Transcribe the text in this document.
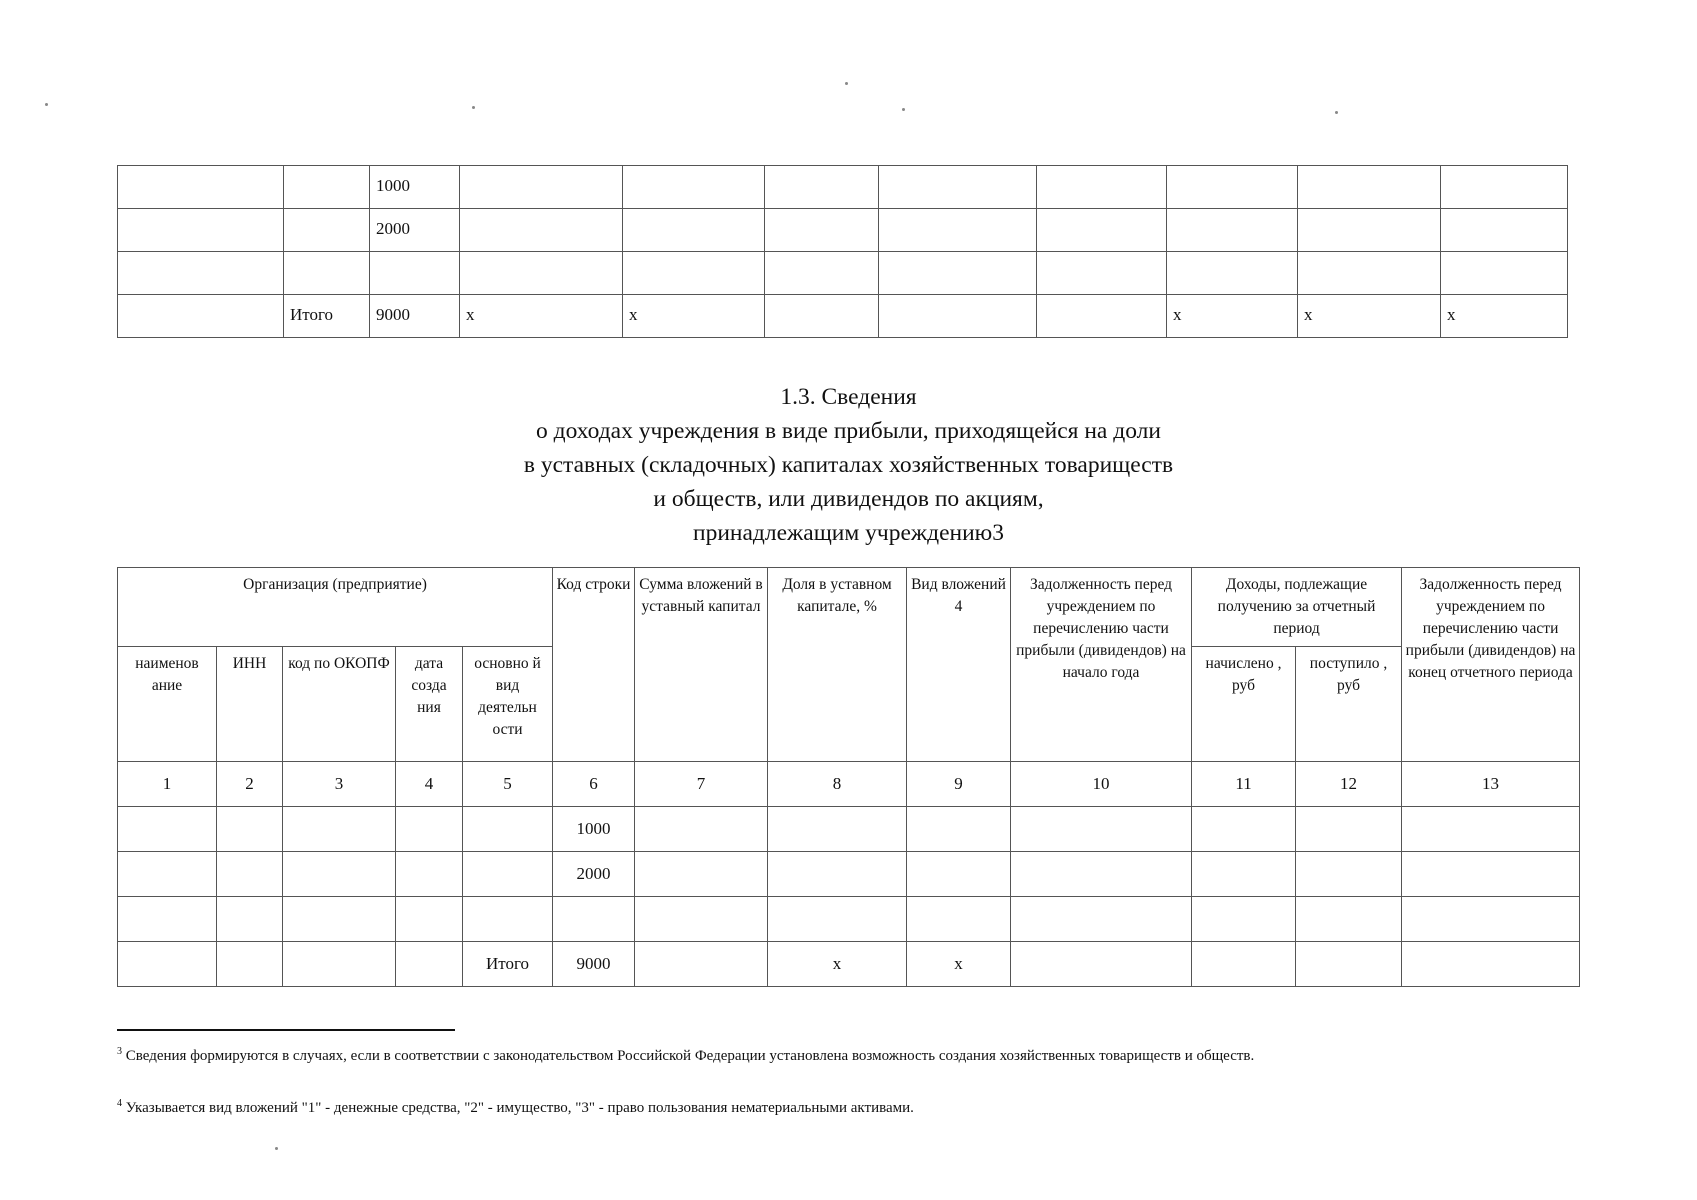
		1000								
		2000								

	Итого	9000	x	x				x	x	x
1.3. Сведения
о доходах учреждения в виде прибыли, приходящейся на доли
в уставных (складочных) капиталах хозяйственных товариществ
и обществ, или дивидендов по акциям,
принадлежащим учреждению3
Организация (предприятие)					Код строки	Сумма вложений в уставный капитал	Доля в уставном капитале, %	Вид вложений 4	Задолженность перед учреждением по перечислению части прибыли (дивидендов) на начало года	Доходы, подлежащие получению за отчетный период		Задолженность перед учреждением по перечислению части прибыли (дивидендов) на конец отчетного периода
наименов ание	ИНН	код по ОКОПФ	дата созда ния	основно й вид деятельн ости						начислено , руб	поступило , руб	
1	2	3	4	5	6	7	8	9	10	11	12	13
					1000							
					2000							

				Итого	9000		x	x				
$^3$ Сведения формируются в случаях, если в соответствии с законодательством Российской Федерации установлена возможность создания хозяйственных товариществ и обществ.
$^4$ Указывается вид вложений "1" - денежные средства, "2" - имущество, "3" - право пользования нематериальными активами.
